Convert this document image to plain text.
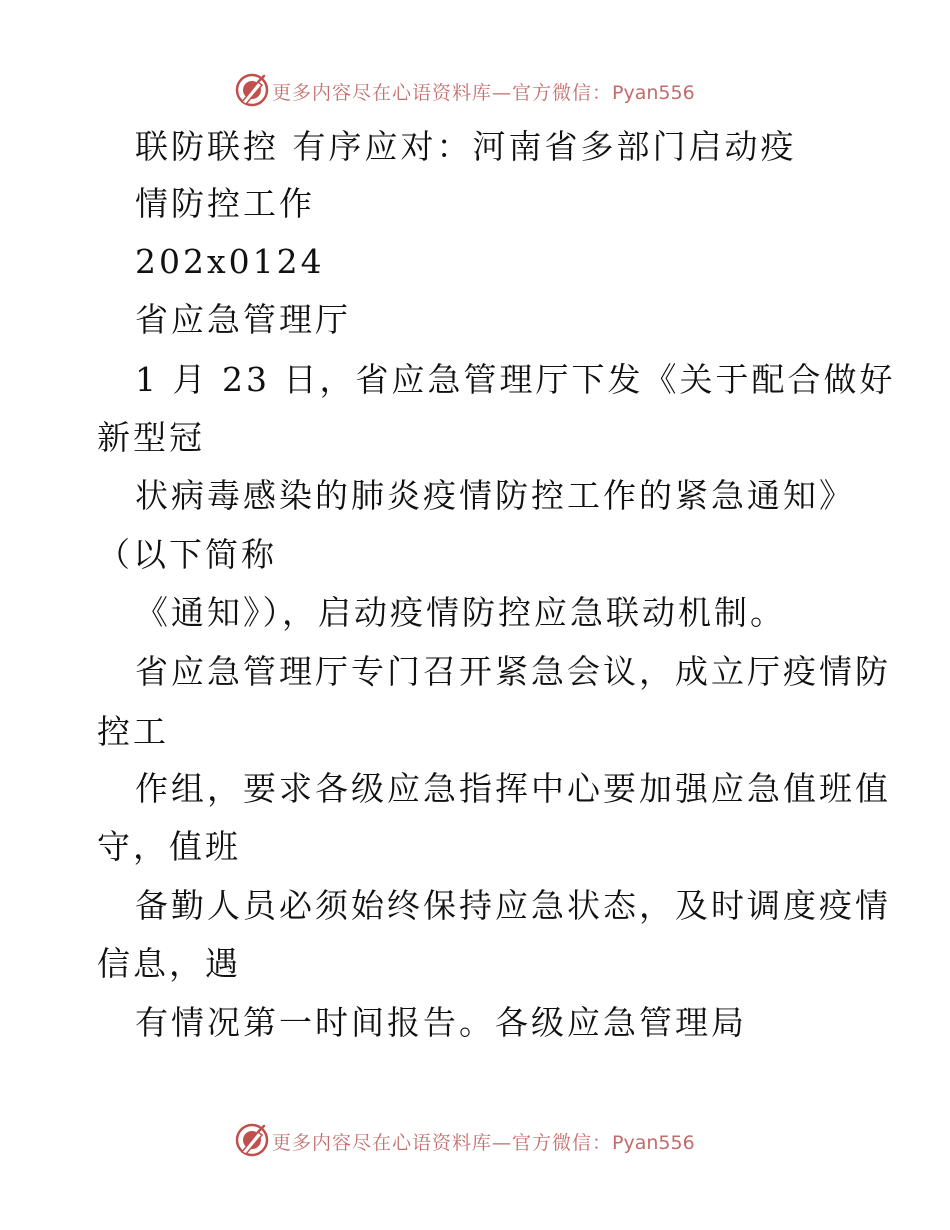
更多内容尽在心语资料库—官方微信：Pyan556
联防联控 有序应对：河南省多部门启动疫
情防控工作
202x0124
省应急管理厅
1 月 23 日，省应急管理厅下发《关于配合做好
新型冠
状病毒感染的肺炎疫情防控工作的紧急通知》
（以下简称
《通知》），启动疫情防控应急联动机制。
省应急管理厅专门召开紧急会议，成立厅疫情防
控工
作组，要求各级应急指挥中心要加强应急值班值
守，值班
备勤人员必须始终保持应急状态，及时调度疫情
信息，遇
有情况第一时间报告。各级应急管理局
更多内容尽在心语资料库—官方微信：Pyan556
